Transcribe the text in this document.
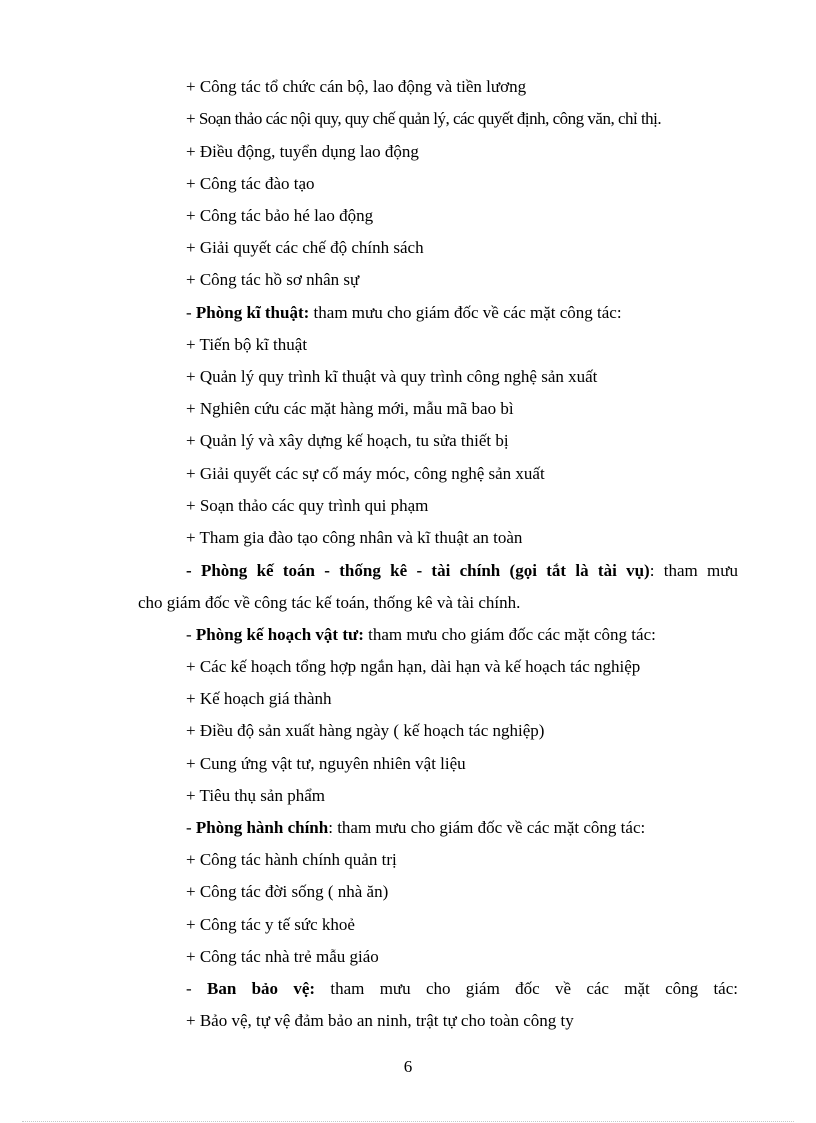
+ Công tác tổ chức cán bộ, lao động và tiền lương
+ Soạn thảo các nội quy, quy chế quản lý, các quyết định, công văn, chỉ thị.
+ Điều động, tuyển dụng lao động
+ Công tác đào tạo
+ Công tác bảo hé lao động
+ Giải quyết các chế độ chính sách
+ Công tác hồ sơ nhân sự
- Phòng kĩ thuật: tham mưu cho giám đốc về các mặt công tác:
+ Tiến bộ kĩ thuật
+ Quản lý quy trình kĩ thuật và quy trình công nghệ sản xuất
+ Nghiên cứu các mặt hàng mới, mẫu mã bao bì
+ Quản lý và xây dựng kế hoạch, tu sửa thiết bị
+ Giải quyết các sự cố máy móc, công nghệ sản xuất
+ Soạn thảo các quy trình qui phạm
+ Tham gia đào tạo công nhân và kĩ thuật an toàn
- Phòng kế toán - thống kê - tài chính (gọi tắt là tài vụ): tham mưu
cho giám đốc về công tác kế toán, thống kê và tài chính.
- Phòng kế hoạch vật tư: tham mưu cho giám đốc các mặt công tác:
+ Các kế hoạch tổng hợp ngắn hạn, dài hạn và kế hoạch tác nghiệp
+ Kế hoạch giá thành
+ Điều độ sản xuất hàng ngày ( kế hoạch tác nghiệp)
+ Cung ứng vật tư, nguyên nhiên vật liệu
+ Tiêu thụ sản phẩm
- Phòng hành chính: tham mưu cho giám đốc về các mặt công tác:
+ Công tác hành chính quản trị
+ Công tác đời sống ( nhà ăn)
+ Công tác y tế sức khoẻ
+ Công tác nhà trẻ mẫu giáo
- Ban bảo vệ: tham mưu cho giám đốc về các mặt công tác:
+ Bảo vệ, tự vệ đảm bảo an ninh, trật tự cho toàn công ty
6
